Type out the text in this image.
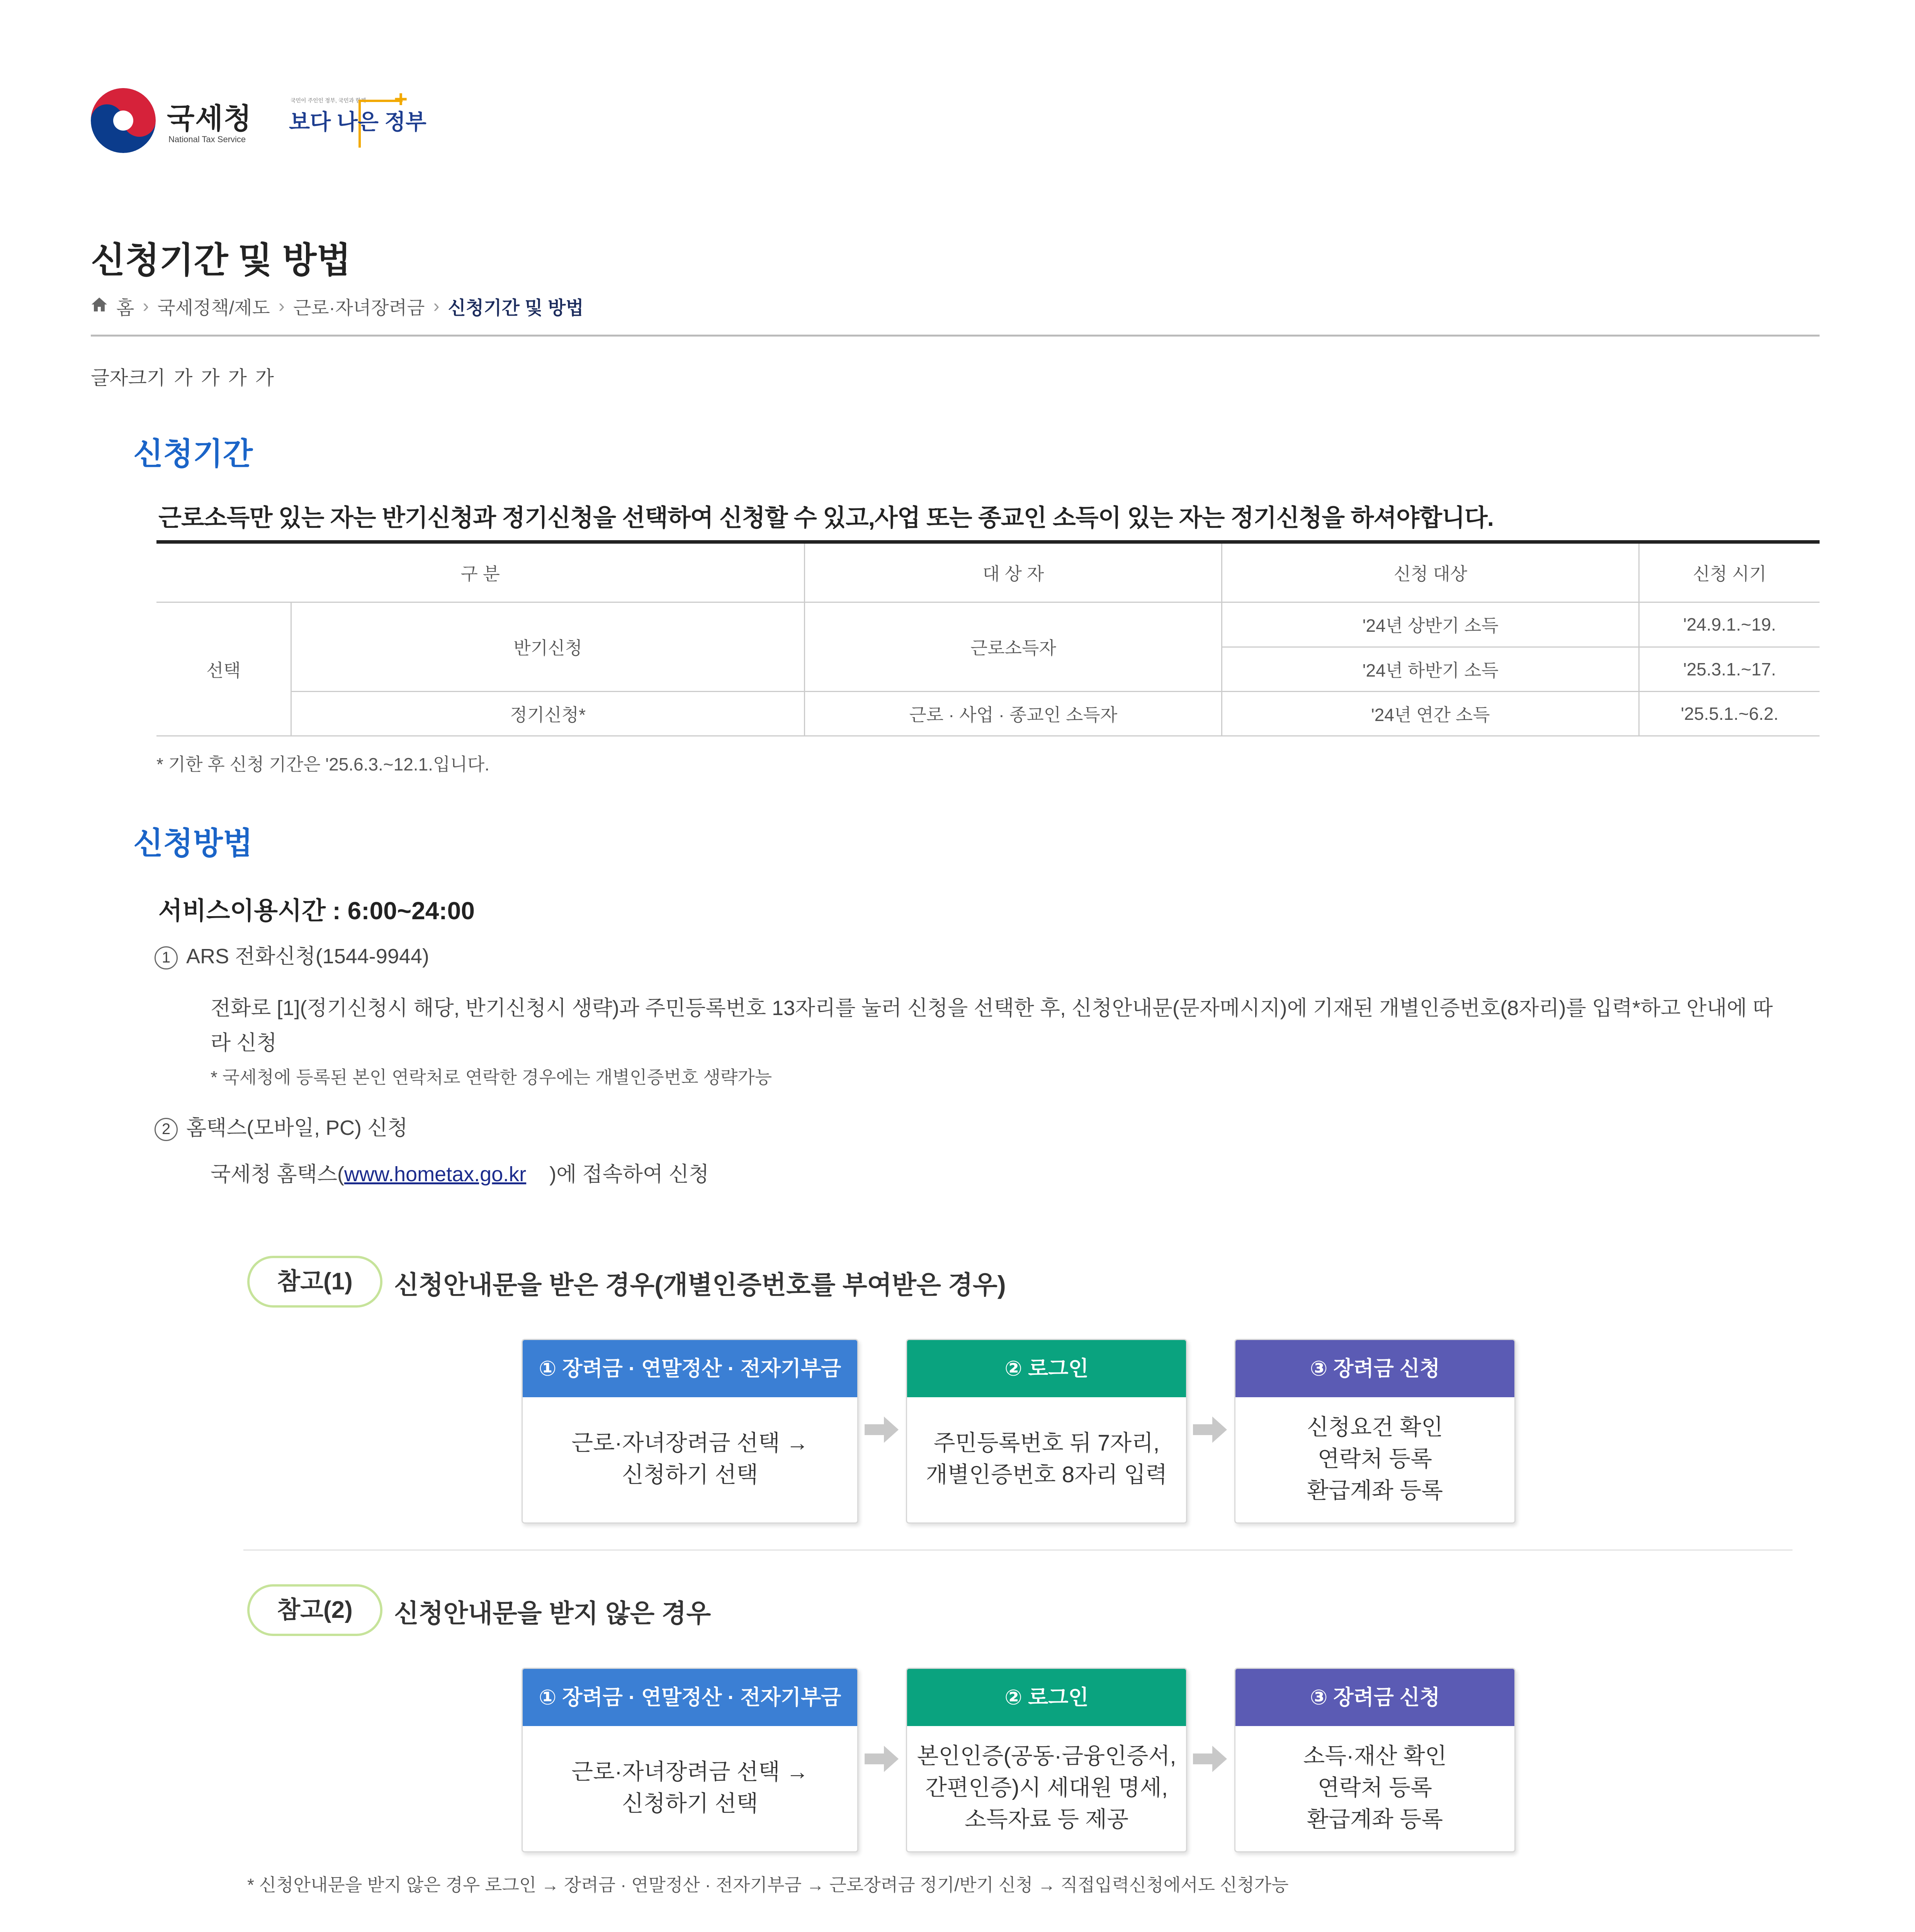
국세청
National Tax Service
국민이 주인인 정부, 국민과 함께
보다 나은 정부
+
신청기간 및 방법
홈 › 국세정책/제도 › 근로·자녀장려금 › 신청기간 및 방법
글자크기 가 가 가 가
신청기간
근로소득만 있는 자는 반기신청과 정기신청을 선택하여 신청할 수 있고,사업 또는 종교인 소득이 있는 자는 정기신청을 하셔야합니다.
구 분		대 상 자	신청 대상	신청 시기
선택	반기신청	근로소득자	'24년 상반기 소득	'24.9.1.~19.
			'24년 하반기 소득	'25.3.1.~17.
	정기신청*	근로 · 사업 · 종교인 소득자	'24년 연간 소득	'25.5.1.~6.2.
* 기한 후 신청 기간은 '25.6.3.~12.1.입니다.
신청방법
서비스이용시간 : 6:00~24:00
1 ARS 전화신청(1544-9944)
전화로 [1](정기신청시 해당, 반기신청시 생략)과 주민등록번호 13자리를 눌러 신청을 선택한 후, 신청안내문(문자메시지)에 기재된 개별인증번호(8자리)를 입력*하고 안내에 따
라 신청
* 국세청에 등록된 본인 연락처로 연락한 경우에는 개별인증번호 생략가능
2 홈택스(모바일, PC) 신청
국세청 홈택스(www.hometax.go.kr )에 접속하여 신청
참고(1)	신청안내문을 받은 경우(개별인증번호를 부여받은 경우)
① 장려금 · 연말정산 · 전자기부금
근로·자녀장려금 선택 →
신청하기 선택
② 로그인
주민등록번호 뒤 7자리,
개별인증번호 8자리 입력
③ 장려금 신청
신청요건 확인
연락처 등록
환급계좌 등록
참고(2)	신청안내문을 받지 않은 경우
① 장려금 · 연말정산 · 전자기부금
근로·자녀장려금 선택 →
신청하기 선택
② 로그인
본인인증(공동·금융인증서,
간편인증)시 세대원 명세,
소득자료 등 제공
③ 장려금 신청
소득·재산 확인
연락처 등록
환급계좌 등록
* 신청안내문을 받지 않은 경우 로그인 → 장려금 · 연말정산 · 전자기부금 → 근로장려금 정기/반기 신청 → 직접입력신청에서도 신청가능
